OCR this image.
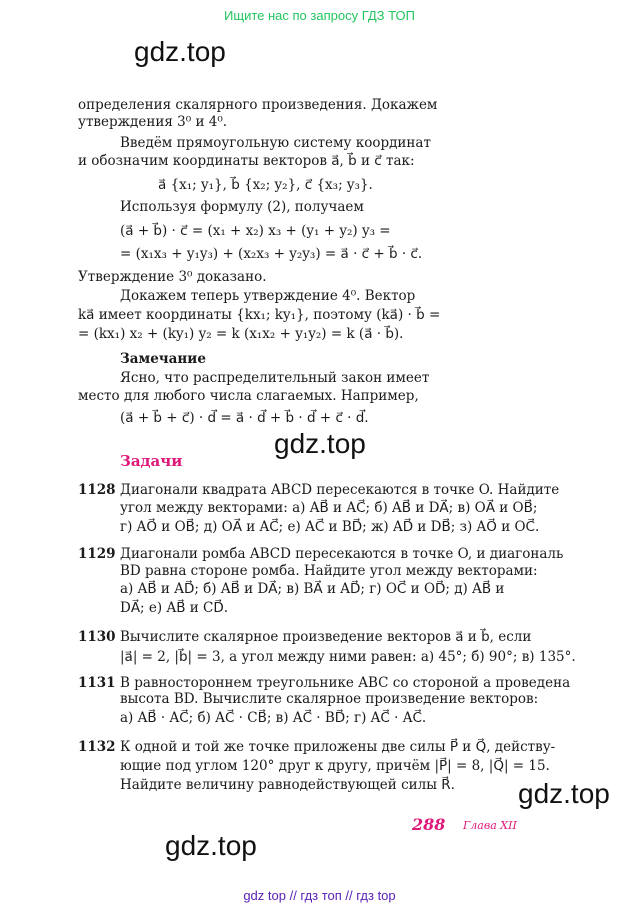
Ищите нас по запросу ГДЗ ТОП
gdz.top
gdz.top
gdz.top
gdz.top
определения скалярного произведения. Докажем
утверждения 3⁰ и 4⁰.
Введём прямоугольную систему координат
и обозначим координаты векторов a⃗, b⃗ и c⃗ так:
a⃗ {x₁; y₁}, b⃗ {x₂; y₂}, c⃗ {x₃; y₃}.
Используя формулу (2), получаем
(a⃗ + b⃗) · c⃗ = (x₁ + x₂) x₃ + (y₁ + y₂) y₃ =
= (x₁x₃ + y₁y₃) + (x₂x₃ + y₂y₃) = a⃗ · c⃗ + b⃗ · c⃗.
Утверждение 3⁰ доказано.
Докажем теперь утверждение 4⁰. Вектор
ka⃗ имеет координаты {kx₁; ky₁}, поэтому (ka⃗) · b⃗ =
= (kx₁) x₂ + (ky₁) y₂ = k (x₁x₂ + y₁y₂) = k (a⃗ · b⃗).
Замечание
Ясно, что распределительный закон имеет
место для любого числа слагаемых. Например,
(a⃗ + b⃗ + c⃗) · d⃗ = a⃗ · d⃗ + b⃗ · d⃗ + c⃗ · d⃗.
Задачи
1128 Диагонали квадрата ABCD пересекаются в точке O. Найдите
угол между векторами: а) AB⃗ и AC⃗; б) AB⃗ и DA⃗; в) OA⃗ и OB⃗;
г) AO⃗ и OB⃗; д) OA⃗ и AC⃗; е) AC⃗ и BD⃗; ж) AD⃗ и DB⃗; з) AO⃗ и OC⃗.
1129 Диагонали ромба ABCD пересекаются в точке O, и диагональ
BD равна стороне ромба. Найдите угол между векторами:
а) AB⃗ и AD⃗; б) AB⃗ и DA⃗; в) BA⃗ и AD⃗; г) OC⃗ и OD⃗; д) AB⃗ и
DA⃗; е) AB⃗ и CD⃗.
1130 Вычислите скалярное произведение векторов a⃗ и b⃗, если
|a⃗| = 2, |b⃗| = 3, а угол между ними равен: а) 45°; б) 90°; в) 135°.
1131 В равностороннем треугольнике ABC со стороной a проведена
высота BD. Вычислите скалярное произведение векторов:
а) AB⃗ · AC⃗; б) AC⃗ · CB⃗; в) AC⃗ · BD⃗; г) AC⃗ · AC⃗.
1132 К одной и той же точке приложены две силы P⃗ и Q⃗, действу-
ющие под углом 120° друг к другу, причём |P⃗| = 8, |Q⃗| = 15.
Найдите величину равнодействующей силы R⃗.
288 Глава XII
gdz top // гдз топ // гдз top
